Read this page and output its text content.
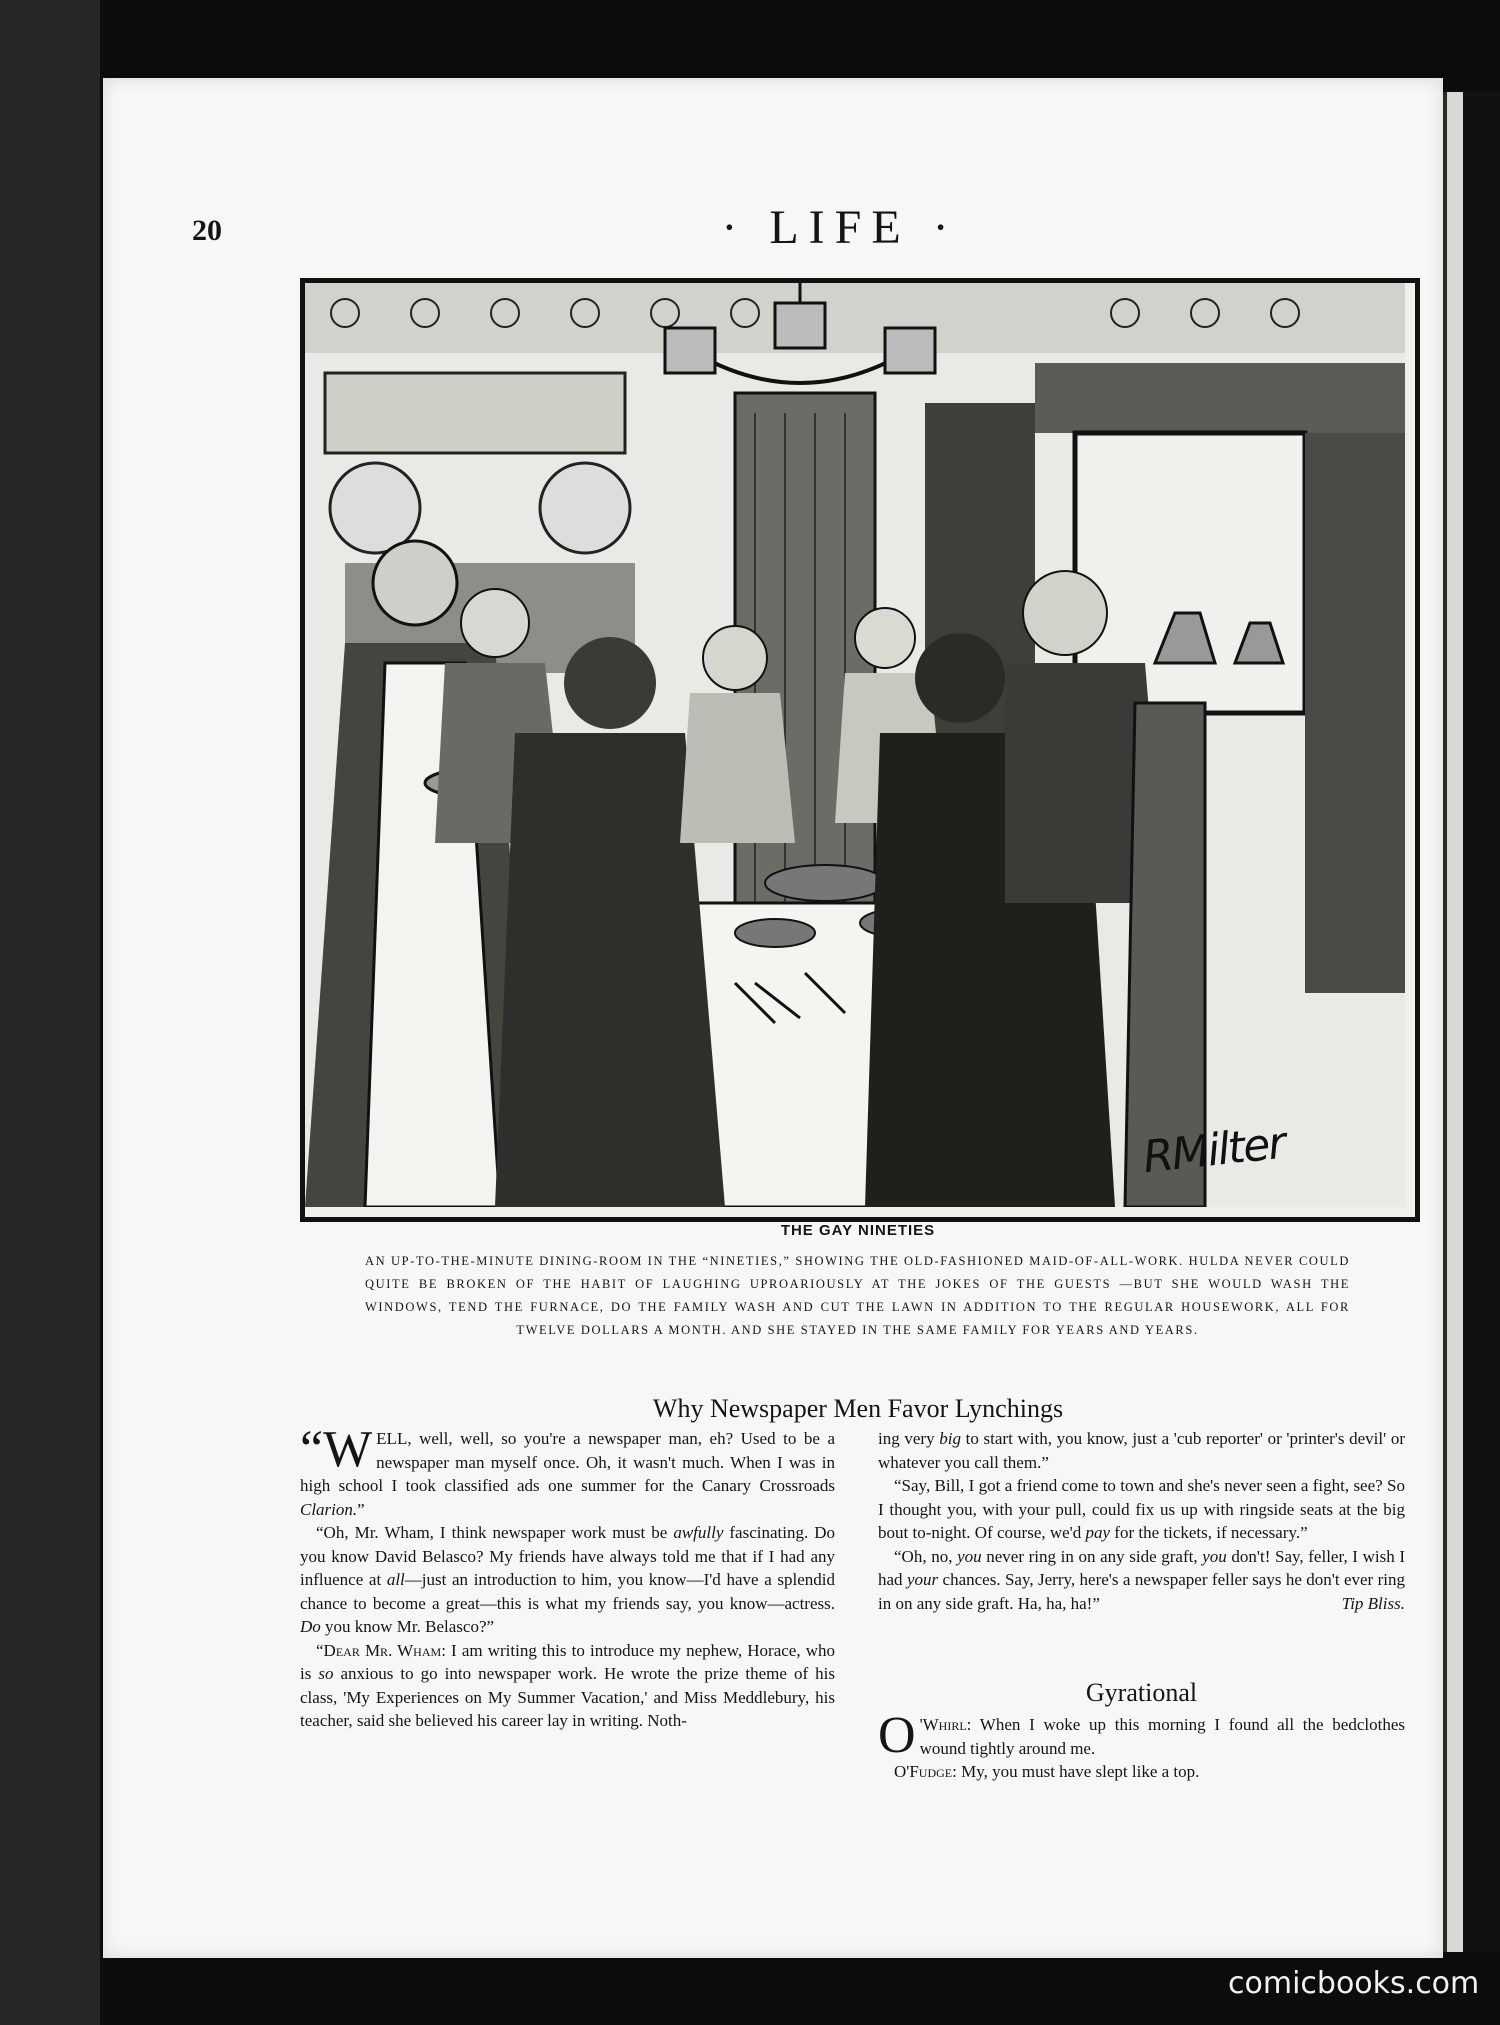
20	· LIFE ·
RMilter
THE GAY NINETIES
AN UP-TO-THE-MINUTE DINING-ROOM IN THE “NINETIES,” SHOWING THE OLD-FASHIONED MAID-OF-ALL-WORK. HULDA NEVER COULD QUITE BE BROKEN OF THE HABIT OF LAUGHING UPROARIOUSLY AT THE JOKES OF THE GUESTS —BUT SHE WOULD WASH THE WINDOWS, TEND THE FURNACE, DO THE FAMILY WASH AND CUT THE LAWN IN ADDITION TO THE REGULAR HOUSEWORK, ALL FOR TWELVE DOLLARS A MONTH. AND SHE STAYED IN THE SAME FAMILY FOR YEARS AND YEARS.
Why Newspaper Men Favor Lynchings

“WELL, well, well, so you're a newspaper man, eh? Used to be a newspaper man myself once. Oh, it wasn't much. When I was in high school I took classified ads one summer for the Canary Crossroads Clarion.”

“Oh, Mr. Wham, I think newspaper work must be awfully fascinating. Do you know David Belasco? My friends have always told me that if I had any influence at all—just an introduction to him, you know—I'd have a splendid chance to become a great—this is what my friends say, you know—actress. Do you know Mr. Belasco?”

“Dear Mr. Wham: I am writing this to introduce my nephew, Horace, who is so anxious to go into newspaper work. He wrote the prize theme of his class, 'My Experiences on My Summer Vacation,' and Miss Meddlebury, his teacher, said she believed his career lay in writing. Noth-

ing very big to start with, you know, just a 'cub reporter' or 'printer's devil' or whatever you call them.”

“Say, Bill, I got a friend come to town and she's never seen a fight, see? So I thought you, with your pull, could fix us up with ringside seats at the big bout to-night. Of course, we'd pay for the tickets, if necessary.”

“Oh, no, you never ring in on any side graft, you don't! Say, feller, I wish I had your chances. Say, Jerry, here's a newspaper feller says he don't ever ring in on any side graft. Ha, ha, ha!”	Tip Bliss.

Gyrational

O 'Whirl: When I woke up this morning I found all the bedclothes wound tightly around me.

O'Fudge: My, you must have slept like a top.

comicbooks.com
